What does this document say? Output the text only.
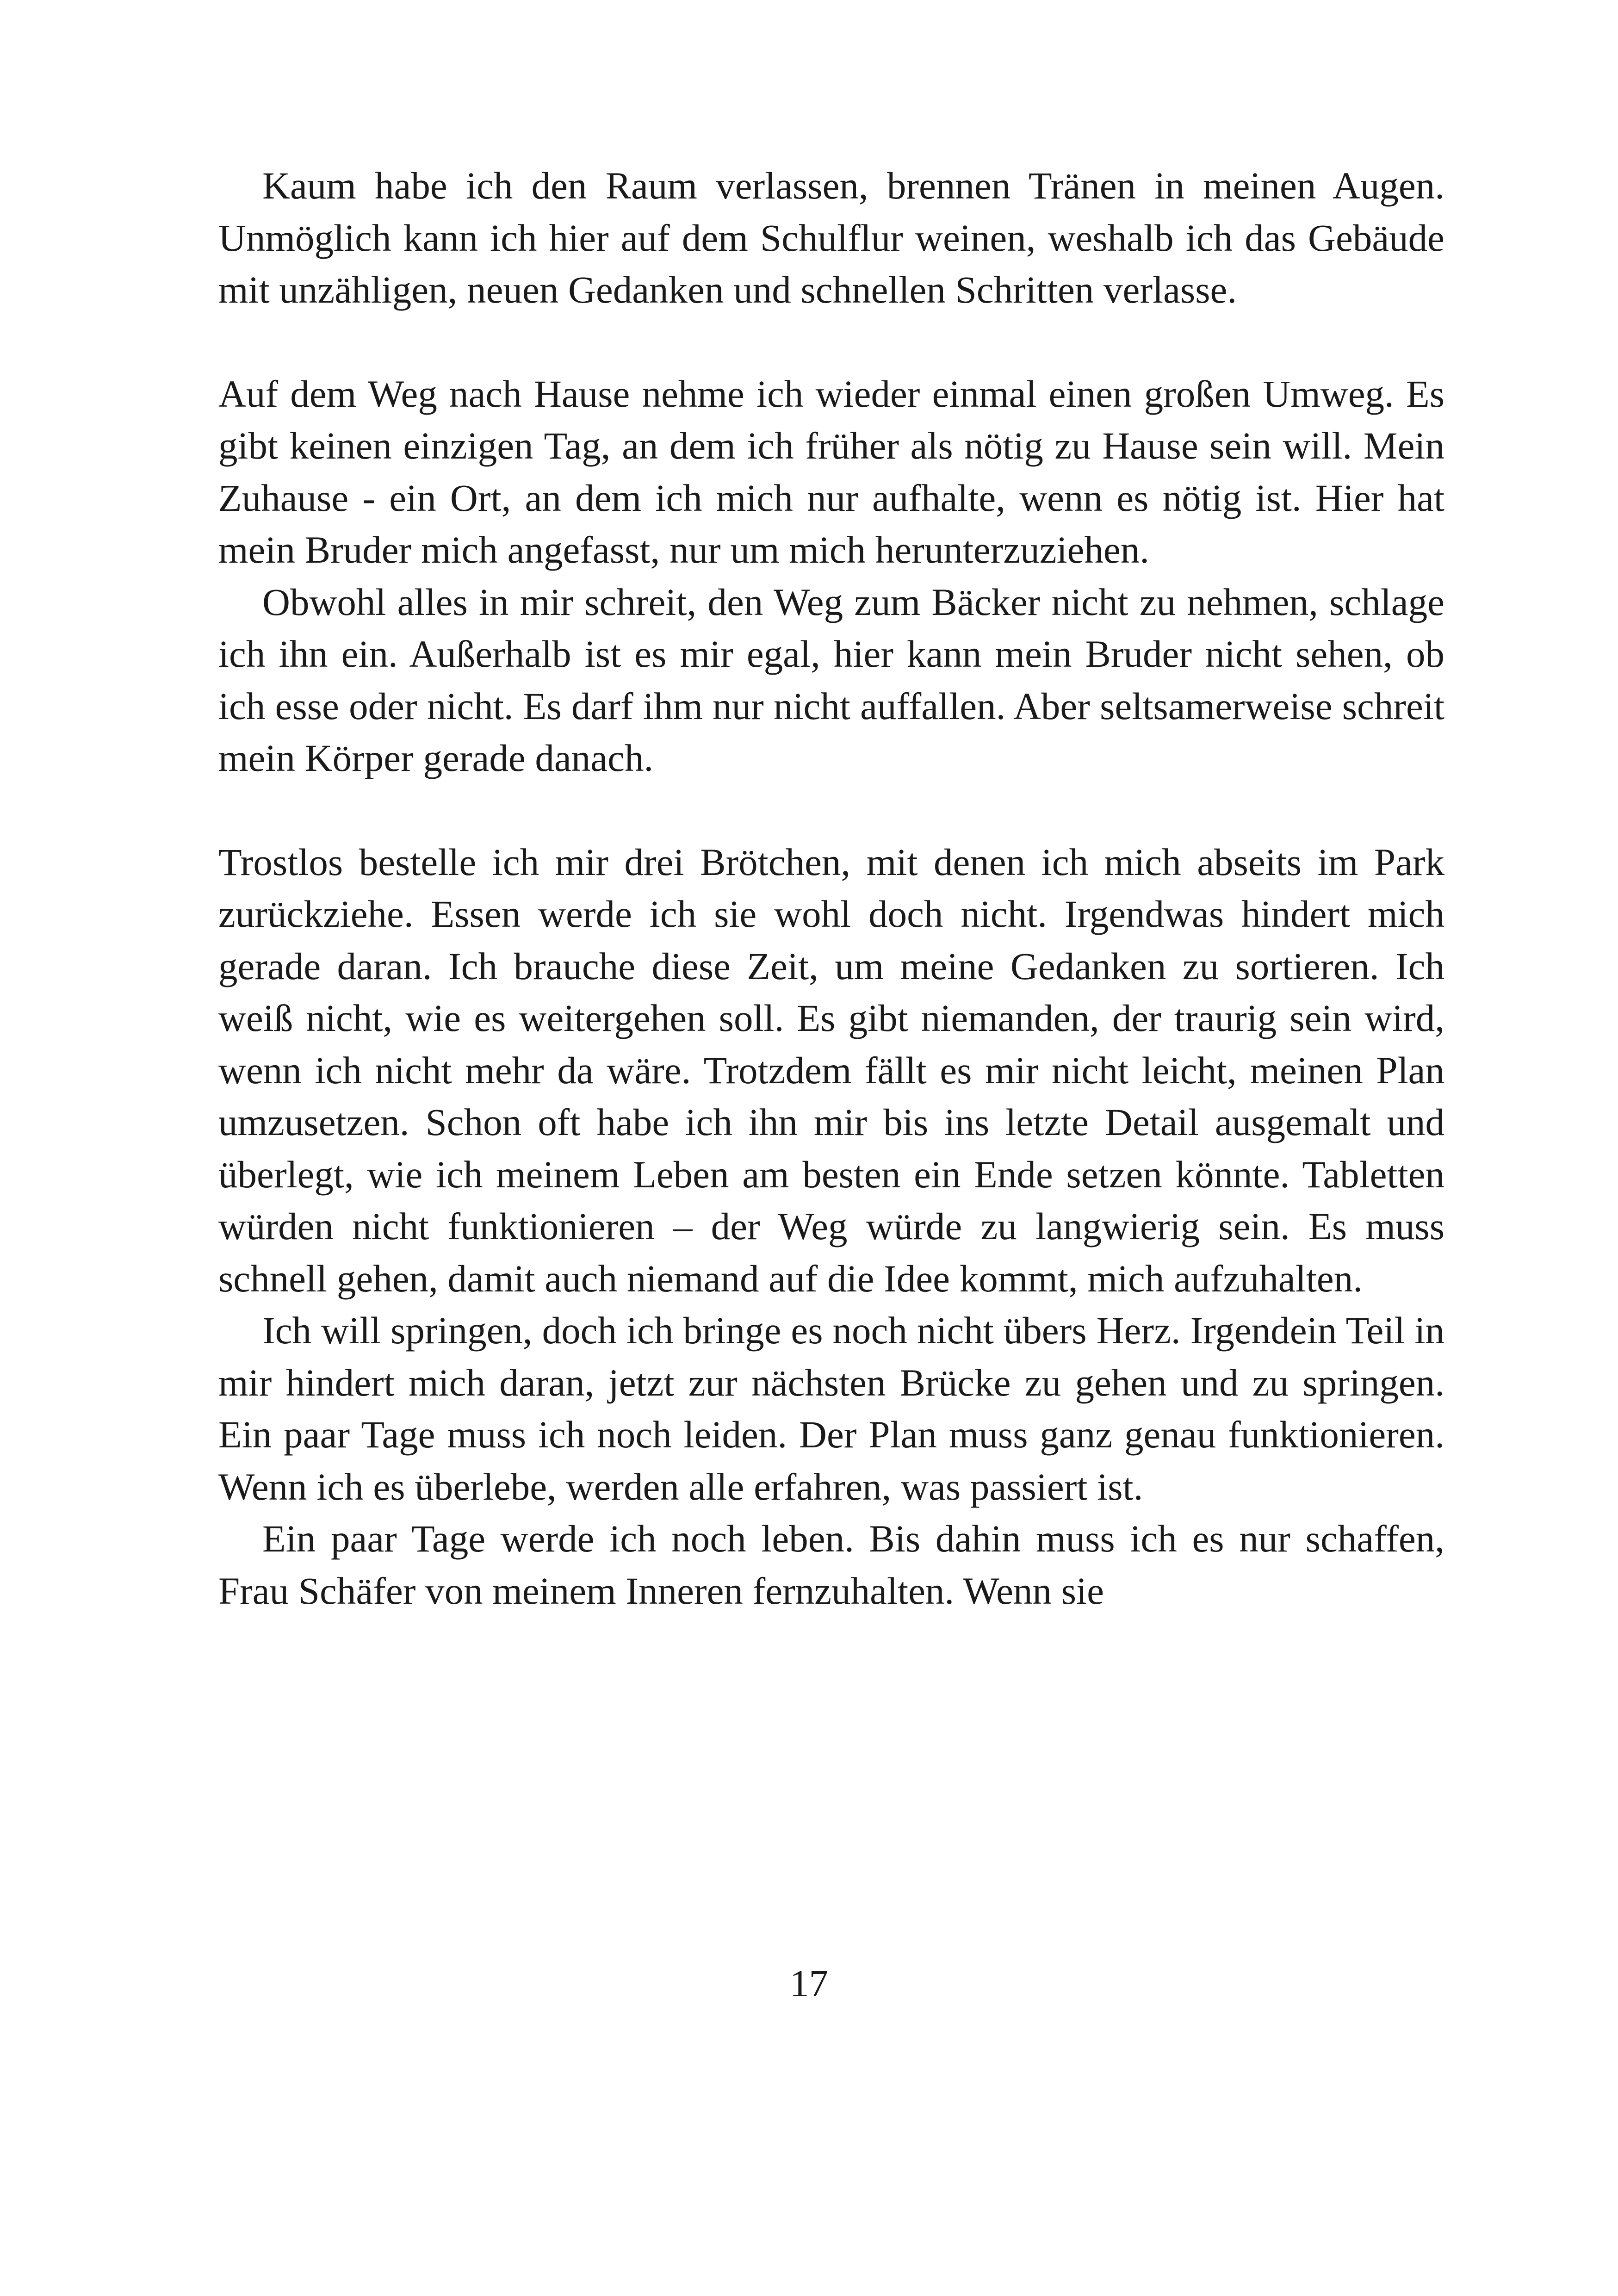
Kaum habe ich den Raum verlassen, brennen Tränen in meinen Augen. Unmöglich kann ich hier auf dem Schulflur weinen, weshalb ich das Gebäude mit unzähligen, neuen Gedanken und schnellen Schritten verlasse.

Auf dem Weg nach Hause nehme ich wieder einmal einen großen Umweg. Es gibt keinen einzigen Tag, an dem ich früher als nötig zu Hause sein will. Mein Zuhause - ein Ort, an dem ich mich nur aufhalte, wenn es nötig ist. Hier hat mein Bruder mich angefasst, nur um mich herunterzuziehen.

Obwohl alles in mir schreit, den Weg zum Bäcker nicht zu nehmen, schlage ich ihn ein. Außerhalb ist es mir egal, hier kann mein Bruder nicht sehen, ob ich esse oder nicht. Es darf ihm nur nicht auffallen. Aber seltsamerweise schreit mein Körper gerade danach.

Trostlos bestelle ich mir drei Brötchen, mit denen ich mich abseits im Park zurückziehe. Essen werde ich sie wohl doch nicht. Irgendwas hindert mich gerade daran. Ich brauche diese Zeit, um meine Gedanken zu sortieren. Ich weiß nicht, wie es weitergehen soll. Es gibt niemanden, der traurig sein wird, wenn ich nicht mehr da wäre. Trotzdem fällt es mir nicht leicht, meinen Plan umzusetzen. Schon oft habe ich ihn mir bis ins letzte Detail ausgemalt und überlegt, wie ich meinem Leben am besten ein Ende setzen könnte. Tabletten würden nicht funktionieren – der Weg würde zu langwierig sein. Es muss schnell gehen, damit auch niemand auf die Idee kommt, mich aufzuhalten.

Ich will springen, doch ich bringe es noch nicht übers Herz. Irgendein Teil in mir hindert mich daran, jetzt zur nächsten Brücke zu gehen und zu springen. Ein paar Tage muss ich noch leiden. Der Plan muss ganz genau funktionieren. Wenn ich es überlebe, werden alle erfahren, was passiert ist.

Ein paar Tage werde ich noch leben. Bis dahin muss ich es nur schaffen, Frau Schäfer von meinem Inneren fernzuhalten. Wenn sie

17
